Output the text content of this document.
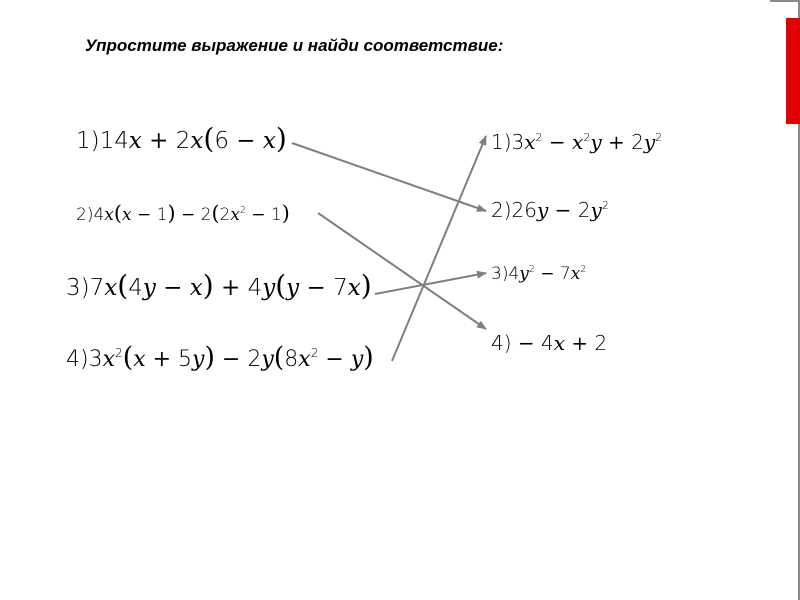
Упростите выражение и найди соответствие:
1)14x + 2x(6 − x)
$2)4x(x - 1) - 2(2x^2 - 1)$
3)7x(4y − x) + 4y(y − 7x)
$4)3x^2(x + 5y) - 2y(8x^2 - y)$
$1)3x^2 - x^2y + 2y^2$
$2)26y - 2y^2$
$3)4y^2 - 7x^2$
4) − 4x + 2
